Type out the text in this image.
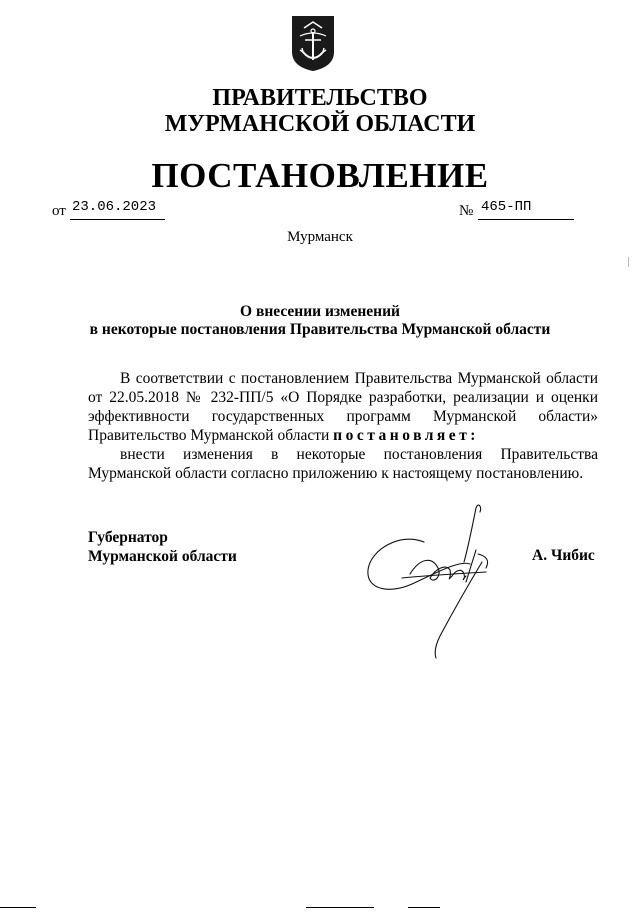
ПРАВИТЕЛЬСТВО
МУРМАНСКОЙ ОБЛАСТИ
ПОСТАНОВЛЕНИЕ
от 23.06.2023	№ 465-ПП
Мурманск
О внесении изменений
в некоторые постановления Правительства Мурманской области

В соответствии с постановлением Правительства Мурманской области от 22.05.2018 № 232-ПП/5 «О Порядке разработки, реализации и оценки эффективности государственных программ Мурманской области» Правительство Мурманской области постановляет:

внести изменения в некоторые постановления Правительства Мурманской области согласно приложению к настоящему постановлению.

Губернатор
Мурманской области	А. Чибис
